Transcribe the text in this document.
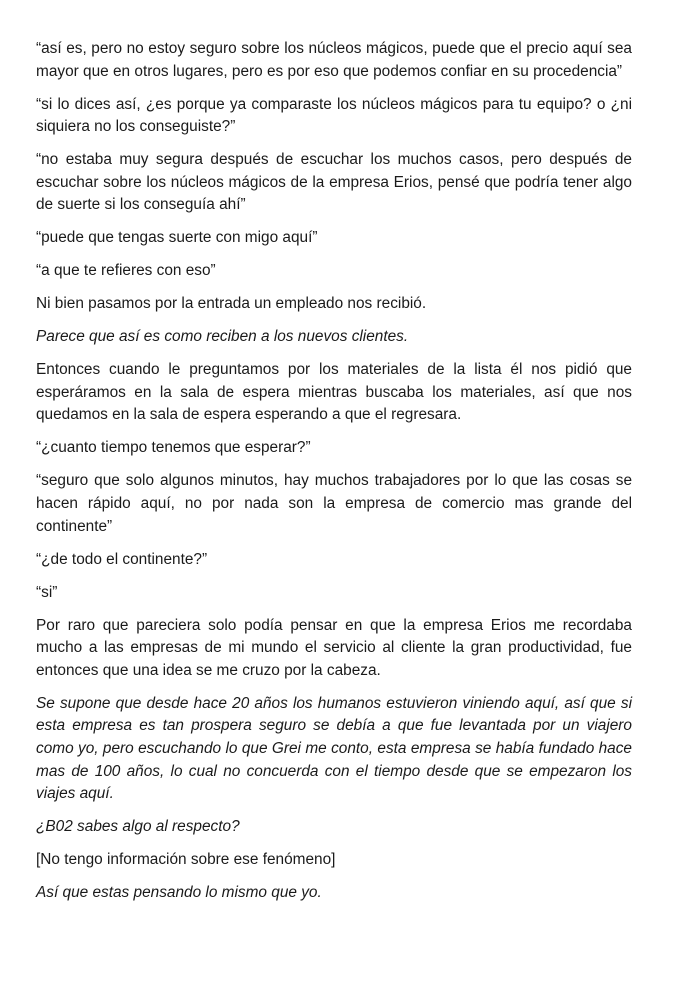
“así es, pero no estoy seguro sobre los núcleos mágicos, puede que el precio aquí sea mayor que en otros lugares, pero es por eso que podemos confiar en su procedencia”

“si lo dices así, ¿es porque ya comparaste los núcleos mágicos para tu equipo? o ¿ni siquiera no los conseguiste?”

“no estaba muy segura después de escuchar los muchos casos, pero después de escuchar sobre los núcleos mágicos de la empresa Erios, pensé que podría tener algo de suerte si los conseguía ahí”

“puede que tengas suerte con migo aquí”

“a que te refieres con eso”

Ni bien pasamos por la entrada un empleado nos recibió.

Parece que así es como reciben a los nuevos clientes.

Entonces cuando le preguntamos por los materiales de la lista él nos pidió que esperáramos en la sala de espera mientras buscaba los materiales, así que nos quedamos en la sala de espera esperando a que el regresara.

“¿cuanto tiempo tenemos que esperar?”

“seguro que solo algunos minutos, hay muchos trabajadores por lo que las cosas se hacen rápido aquí, no por nada son la empresa de comercio mas grande del continente”

“¿de todo el continente?”

“si”

Por raro que pareciera solo podía pensar en que la empresa Erios me recordaba mucho a las empresas de mi mundo el servicio al cliente la gran productividad, fue entonces que una idea se me cruzo por la cabeza.

Se supone que desde hace 20 años los humanos estuvieron viniendo aquí, así que si esta empresa es tan prospera seguro se debía a que fue levantada por un viajero como yo, pero escuchando lo que Grei me conto, esta empresa se había fundado hace mas de 100 años, lo cual no concuerda con el tiempo desde que se empezaron los viajes aquí.

¿B02 sabes algo al respecto?

[No tengo información sobre ese fenómeno]

Así que estas pensando lo mismo que yo.
